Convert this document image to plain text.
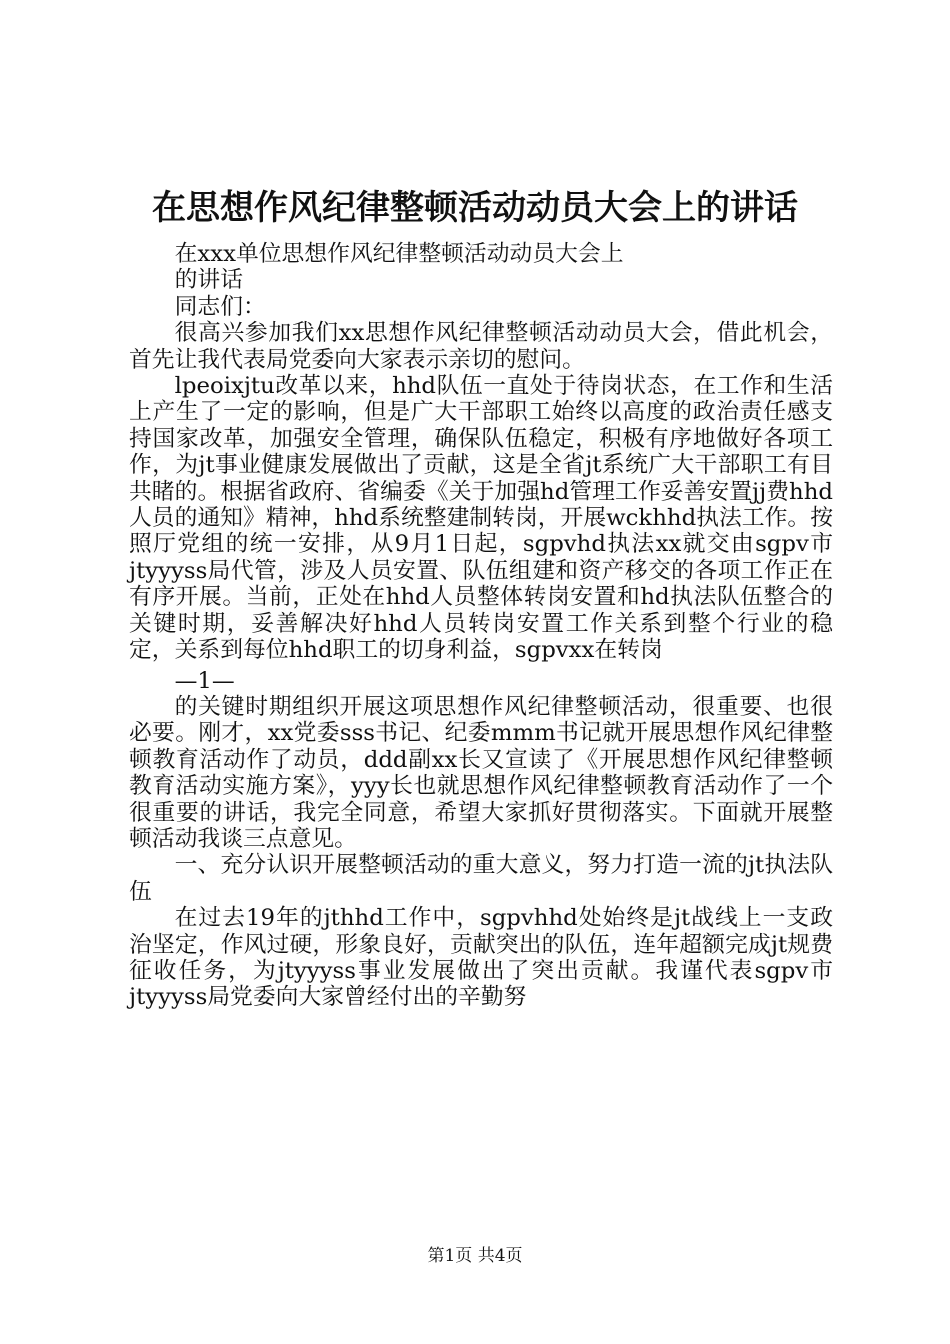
在思想作风纪律整顿活动动员大会上的讲话

在xxx单位思想作风纪律整顿活动动员大会上

的讲话

同志们：

很高兴参加我们xx思想作风纪律整顿活动动员大会，借此机会，首先让我代表局党委向大家表示亲切的慰问。

lpeoixjtu改革以来，hhd队伍一直处于待岗状态，在工作和生活上产生了一定的影响，但是广大干部职工始终以高度的政治责任感支持国家改革，加强安全管理，确保队伍稳定，积极有序地做好各项工作，为jt事业健康发展做出了贡献，这是全省jt系统广大干部职工有目共睹的。根据省政府、省编委《关于加强hd管理工作妥善安置jj费hhd人员的通知》精神，hhd系统整建制转岗，开展wckhhd执法工作。按照厅党组的统一安排，从9月1日起，sgpvhd执法xx就交由sgpv市jtyyyss局代管，涉及人员安置、队伍组建和资产移交的各项工作正在有序开展。当前，正处在hhd人员整体转岗安置和hd执法队伍整合的关键时期，妥善解决好hhd人员转岗安置工作关系到整个行业的稳定，关系到每位hhd职工的切身利益，sgpvxx在转岗

—1—

的关键时期组织开展这项思想作风纪律整顿活动，很重要、也很必要。刚才，xx党委sss书记、纪委mmm书记就开展思想作风纪律整顿教育活动作了动员，ddd副xx长又宣读了《开展思想作风纪律整顿教育活动实施方案》，yyy长也就思想作风纪律整顿教育活动作了一个很重要的讲话，我完全同意，希望大家抓好贯彻落实。下面就开展整顿活动我谈三点意见。

一、充分认识开展整顿活动的重大意义，努力打造一流的jt执法队伍

在过去19年的jthhd工作中，sgpvhhd处始终是jt战线上一支政治坚定，作风过硬，形象良好，贡献突出的队伍，连年超额完成jt规费征收任务，为jtyyyss事业发展做出了突出贡献。我谨代表sgpv市jtyyyss局党委向大家曾经付出的辛勤努

第1页 共4页
